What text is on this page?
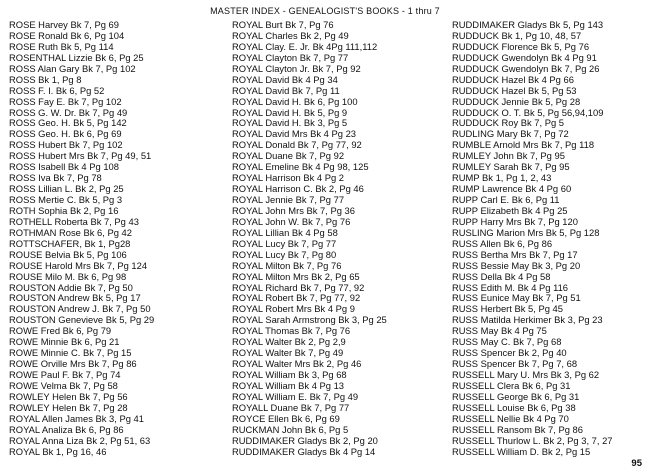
MASTER INDEX - GENEALOGIST'S BOOKS - 1 thru 7
ROSE Harvey Bk 7, Pg 69
ROSE Ronald Bk 6, Pg 104
ROSE Ruth Bk 5, Pg 114
ROSENTHAL Lizzie Bk 6, Pg 25
ROSS Alan Gary Bk 7, Pg 102
ROSS Bk 1, Pg 8
ROSS F. I. Bk 6, Pg 52
ROSS Fay E. Bk 7, Pg 102
ROSS G. W. Dr. Bk 7, Pg 49
ROSS Geo. H. Bk 5, Pg 142
ROSS Geo. H. Bk 6, Pg 69
ROSS Hubert Bk 7, Pg 102
ROSS Hubert Mrs Bk 7, Pg 49, 51
ROSS Isabell Bk 4 Pg 108
ROSS Iva Bk 7, Pg 78
ROSS Lillian L. Bk 2, Pg 25
ROSS Mertie C. Bk 5, Pg 3
ROTH Sophia Bk 2, Pg 16
ROTHELL Roberta Bk 7, Pg 43
ROTHMAN Rose Bk 6, Pg 42
ROTTSCHAFER, Bk 1, Pg28
ROUSE Belvia Bk 5, Pg 106
ROUSE Harold Mrs Bk 7, Pg 124
ROUSE Milo M. Bk 6, Pg 98
ROUSTON Addie Bk 7, Pg 50
ROUSTON Andrew Bk 5, Pg 17
ROUSTON Andrew J. Bk 7, Pg 50
ROUSTON Genevieve Bk 5, Pg 29
ROWE Fred Bk 6, Pg 79
ROWE Minnie Bk 6, Pg 21
ROWE Minnie C. Bk 7, Pg 15
ROWE Orville Mrs Bk 7, Pg 86
ROWE Paul F. Bk 7, Pg 74
ROWE Velma Bk 7, Pg 58
ROWLEY Helen Bk 7, Pg 56
ROWLEY Helen Bk 7, Pg 28
ROYAL Allen James Bk 3, Pg 41
ROYAL Analiza Bk 6, Pg 86
ROYAL Anna Liza Bk 2, Pg 51, 63
ROYAL Bk 1, Pg 16, 46
ROYAL Burt Bk 7, Pg 76
ROYAL Charles Bk 2, Pg 49
ROYAL Clay. E. Jr. Bk 4Pg 111,112
ROYAL Clayton Bk 7, Pg 77
ROYAL Clayton Jr. Bk 7, Pg 92
ROYAL David Bk 4 Pg 34
ROYAL David Bk 7, Pg 11
ROYAL David H. Bk 6, Pg 100
ROYAL David H. Bk 5, Pg 9
ROYAL David H. Bk 3, Pg 5
ROYAL David Mrs Bk 4 Pg 23
ROYAL Donald Bk 7, Pg 77, 92
ROYAL Duane Bk 7, Pg 92
ROYAL Emeline Bk 4 Pg 98, 125
ROYAL Harrison Bk 4 Pg 2
ROYAL Harrison C. Bk 2, Pg 46
ROYAL Jennie Bk 7, Pg 77
ROYAL John Mrs Bk 7, Pg 36
ROYAL John W. Bk 7, Pg 76
ROYAL Lillian Bk 4 Pg 58
ROYAL Lucy Bk 7, Pg 77
ROYAL Lucy Bk 7, Pg 80
ROYAL Milton Bk 7, Pg 76
ROYAL Milton Mrs Bk 2, Pg 65
ROYAL Richard Bk 7, Pg 77, 92
ROYAL Robert Bk 7, Pg 77, 92
ROYAL Robert Mrs Bk 4 Pg 9
ROYAL Sarah Armstrong Bk 3, Pg 25
ROYAL Thomas Bk 7, Pg 76
ROYAL Walter Bk 2, Pg 2,9
ROYAL Walter Bk 7, Pg 49
ROYAL Walter Mrs Bk 2, Pg 46
ROYAL William Bk 3, Pg 68
ROYAL William Bk 4 Pg 13
ROYAL William E. Bk 7, Pg 49
ROYALL Duane Bk 7, Pg 77
ROYCE Ellen Bk 6, Pg 69
RUCKMAN John Bk 6, Pg 5
RUDDIMAKER Gladys Bk 2, Pg 20
RUDDIMAKER Gladys Bk 4 Pg 14
RUDDIMAKER Gladys Bk 5, Pg 143
RUDDUCK Bk 1, Pg 10, 48, 57
RUDDUCK Florence Bk 5, Pg 76
RUDDUCK Gwendolyn Bk 4 Pg 91
RUDDUCK Gwendolyn Bk 7, Pg 26
RUDDUCK Hazel Bk 4 Pg 66
RUDDUCK Hazel Bk 5, Pg 53
RUDDUCK Jennie Bk 5, Pg 28
RUDDUCK O. T. Bk 5, Pg 56,94,109
RUDDUCK Roy Bk 7, Pg 5
RUDLING Mary Bk 7, Pg 72
RUMBLE Arnold Mrs Bk 7, Pg 118
RUMLEY John Bk 7, Pg 95
RUMLEY Sarah Bk 7, Pg 95
RUMP Bk 1, Pg 1, 2, 43
RUMP Lawrence Bk 4 Pg 60
RUPP Carl E. Bk 6, Pg 11
RUPP Elizabeth Bk 4 Pg 25
RUPP Harry Mrs Bk 7, Pg 120
RUSLING Marion Mrs Bk 5, Pg 128
RUSS Allen Bk 6, Pg 86
RUSS Bertha Mrs Bk 7, Pg 17
RUSS Bessie May Bk 3, Pg 20
RUSS Della Bk 4 Pg 58
RUSS Edith M. Bk 4 Pg 116
RUSS Eunice May Bk 7, Pg 51
RUSS Herbert Bk 5, Pg 45
RUSS Matilda Herkimer Bk 3, Pg 23
RUSS May Bk 4 Pg 75
RUSS May C. Bk 7, Pg 68
RUSS Spencer Bk 2, Pg 40
RUSS Spencer Bk 7, Pg 7, 68
RUSSELL Mary U. Mrs Bk 3, Pg 62
RUSSELL Clera Bk 6, Pg 31
RUSSELL George Bk 6, Pg 31
RUSSELL Louise Bk 6, Pg 38
RUSSELL Nellie Bk 4 Pg 70
RUSSELL Ransom Bk 7, Pg 86
RUSSELL Thurlow L. Bk 2, Pg 3, 7, 27
RUSSELL William D. Bk 2, Pg 15
95
